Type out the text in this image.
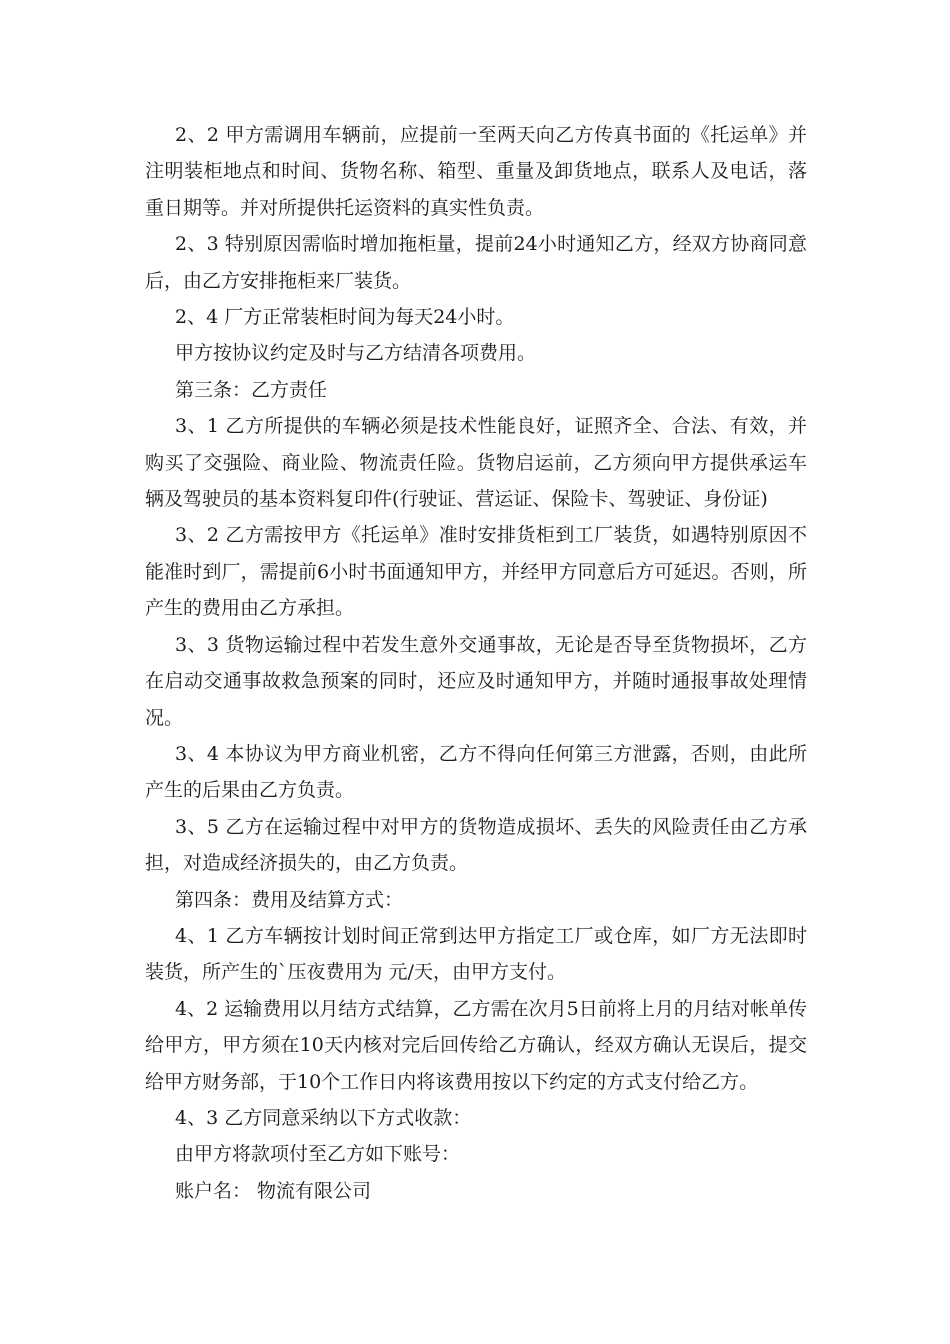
2、2 甲方需调用车辆前，应提前一至两天向乙方传真书面的《托运单》并注明装柜地点和时间、货物名称、箱型、重量及卸货地点，联系人及电话，落重日期等。并对所提供托运资料的真实性负责。

2、3 特别原因需临时增加拖柜量，提前24小时通知乙方，经双方协商同意后，由乙方安排拖柜来厂装货。

2、4 厂方正常装柜时间为每天24小时。

甲方按协议约定及时与乙方结清各项费用。

第三条：乙方责任

3、1 乙方所提供的车辆必须是技术性能良好，证照齐全、合法、有效，并购买了交强险、商业险、物流责任险。货物启运前，乙方须向甲方提供承运车辆及驾驶员的基本资料复印件(行驶证、营运证、保险卡、驾驶证、身份证)

3、2 乙方需按甲方《托运单》准时安排货柜到工厂装货，如遇特别原因不能准时到厂，需提前6小时书面通知甲方，并经甲方同意后方可延迟。否则，所产生的费用由乙方承担。

3、3 货物运输过程中若发生意外交通事故，无论是否导至货物损坏，乙方在启动交通事故救急预案的同时，还应及时通知甲方，并随时通报事故处理情况。

3、4 本协议为甲方商业机密，乙方不得向任何第三方泄露，否则，由此所产生的后果由乙方负责。

3、5 乙方在运输过程中对甲方的货物造成损坏、丢失的风险责任由乙方承担，对造成经济损失的，由乙方负责。

第四条：费用及结算方式：

4、1 乙方车辆按计划时间正常到达甲方指定工厂或仓库，如厂方无法即时装货，所产生的`压夜费用为 元/天，由甲方支付。

4、2 运输费用以月结方式结算，乙方需在次月5日前将上月的月结对帐单传给甲方，甲方须在10天内核对完后回传给乙方确认，经双方确认无误后，提交给甲方财务部，于10个工作日内将该费用按以下约定的方式支付给乙方。

4、3 乙方同意采纳以下方式收款：

由甲方将款项付至乙方如下账号：

账户名： 物流有限公司
